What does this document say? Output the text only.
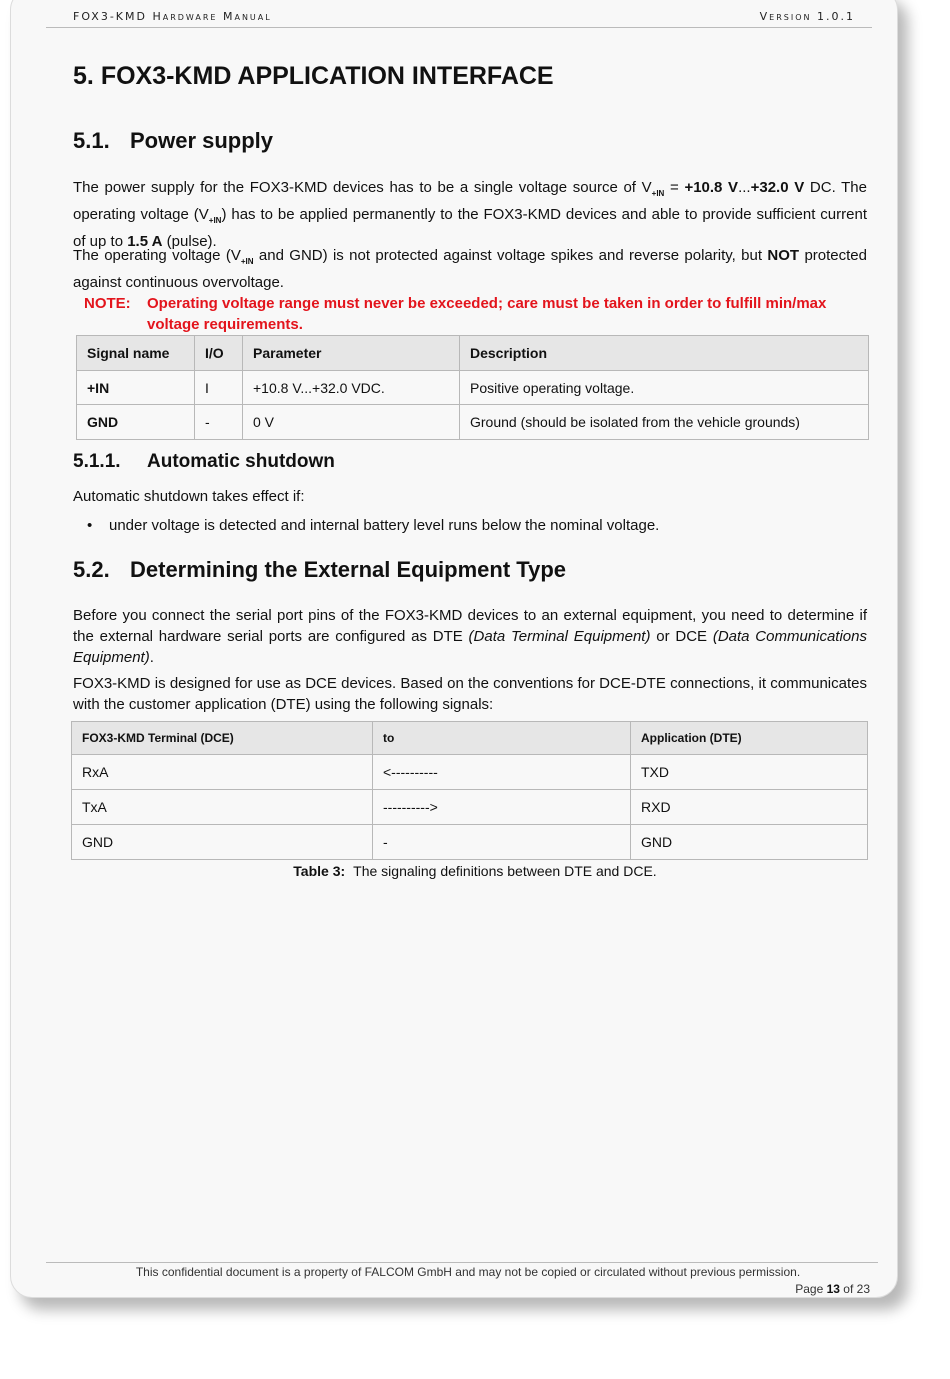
FOX3-KMD Hardware Manual	Version 1.0.1
5. FOX3-KMD APPLICATION INTERFACE
5.1. Power supply
The power supply for the FOX3-KMD devices has to be a single voltage source of $V_{+IN} = +10.8$ V...+32.0 V DC. The operating voltage $(V_{+IN})$ has to be applied permanently to the FOX3-KMD devices and able to provide sufficient current of up to 1.5 A (pulse).
The operating voltage ($V_{+IN}$ and GND) is not protected against voltage spikes and reverse polarity, but NOT protected against continuous overvoltage.
NOTE: Operating voltage range must never be exceeded; care must be taken in order to fulfill min/max voltage requirements.
Signal name	I/O	Parameter	Description
+IN	I	+10.8 V...+32.0 VDC.	Positive operating voltage.
GND	-	0 V	Ground (should be isolated from the vehicle grounds)
5.1.1. Automatic shutdown
Automatic shutdown takes effect if:
• under voltage is detected and internal battery level runs below the nominal voltage.
5.2. Determining the External Equipment Type
Before you connect the serial port pins of the FOX3-KMD devices to an external equipment, you need to determine if the external hardware serial ports are configured as DTE (Data Terminal Equipment) or DCE (Data Communications Equipment).
FOX3-KMD is designed for use as DCE devices. Based on the conventions for DCE-DTE connections, it communicates with the customer application (DTE) using the following signals:
FOX3-KMD Terminal (DCE)	to	Application (DTE)
RxA	<----------	TXD
TxA	---------->	RXD
GND	-	GND
Table 3: The signaling definitions between DTE and DCE.
This confidential document is a property of FALCOM GmbH and may not be copied or circulated without previous permission.
Page 13 of 23
